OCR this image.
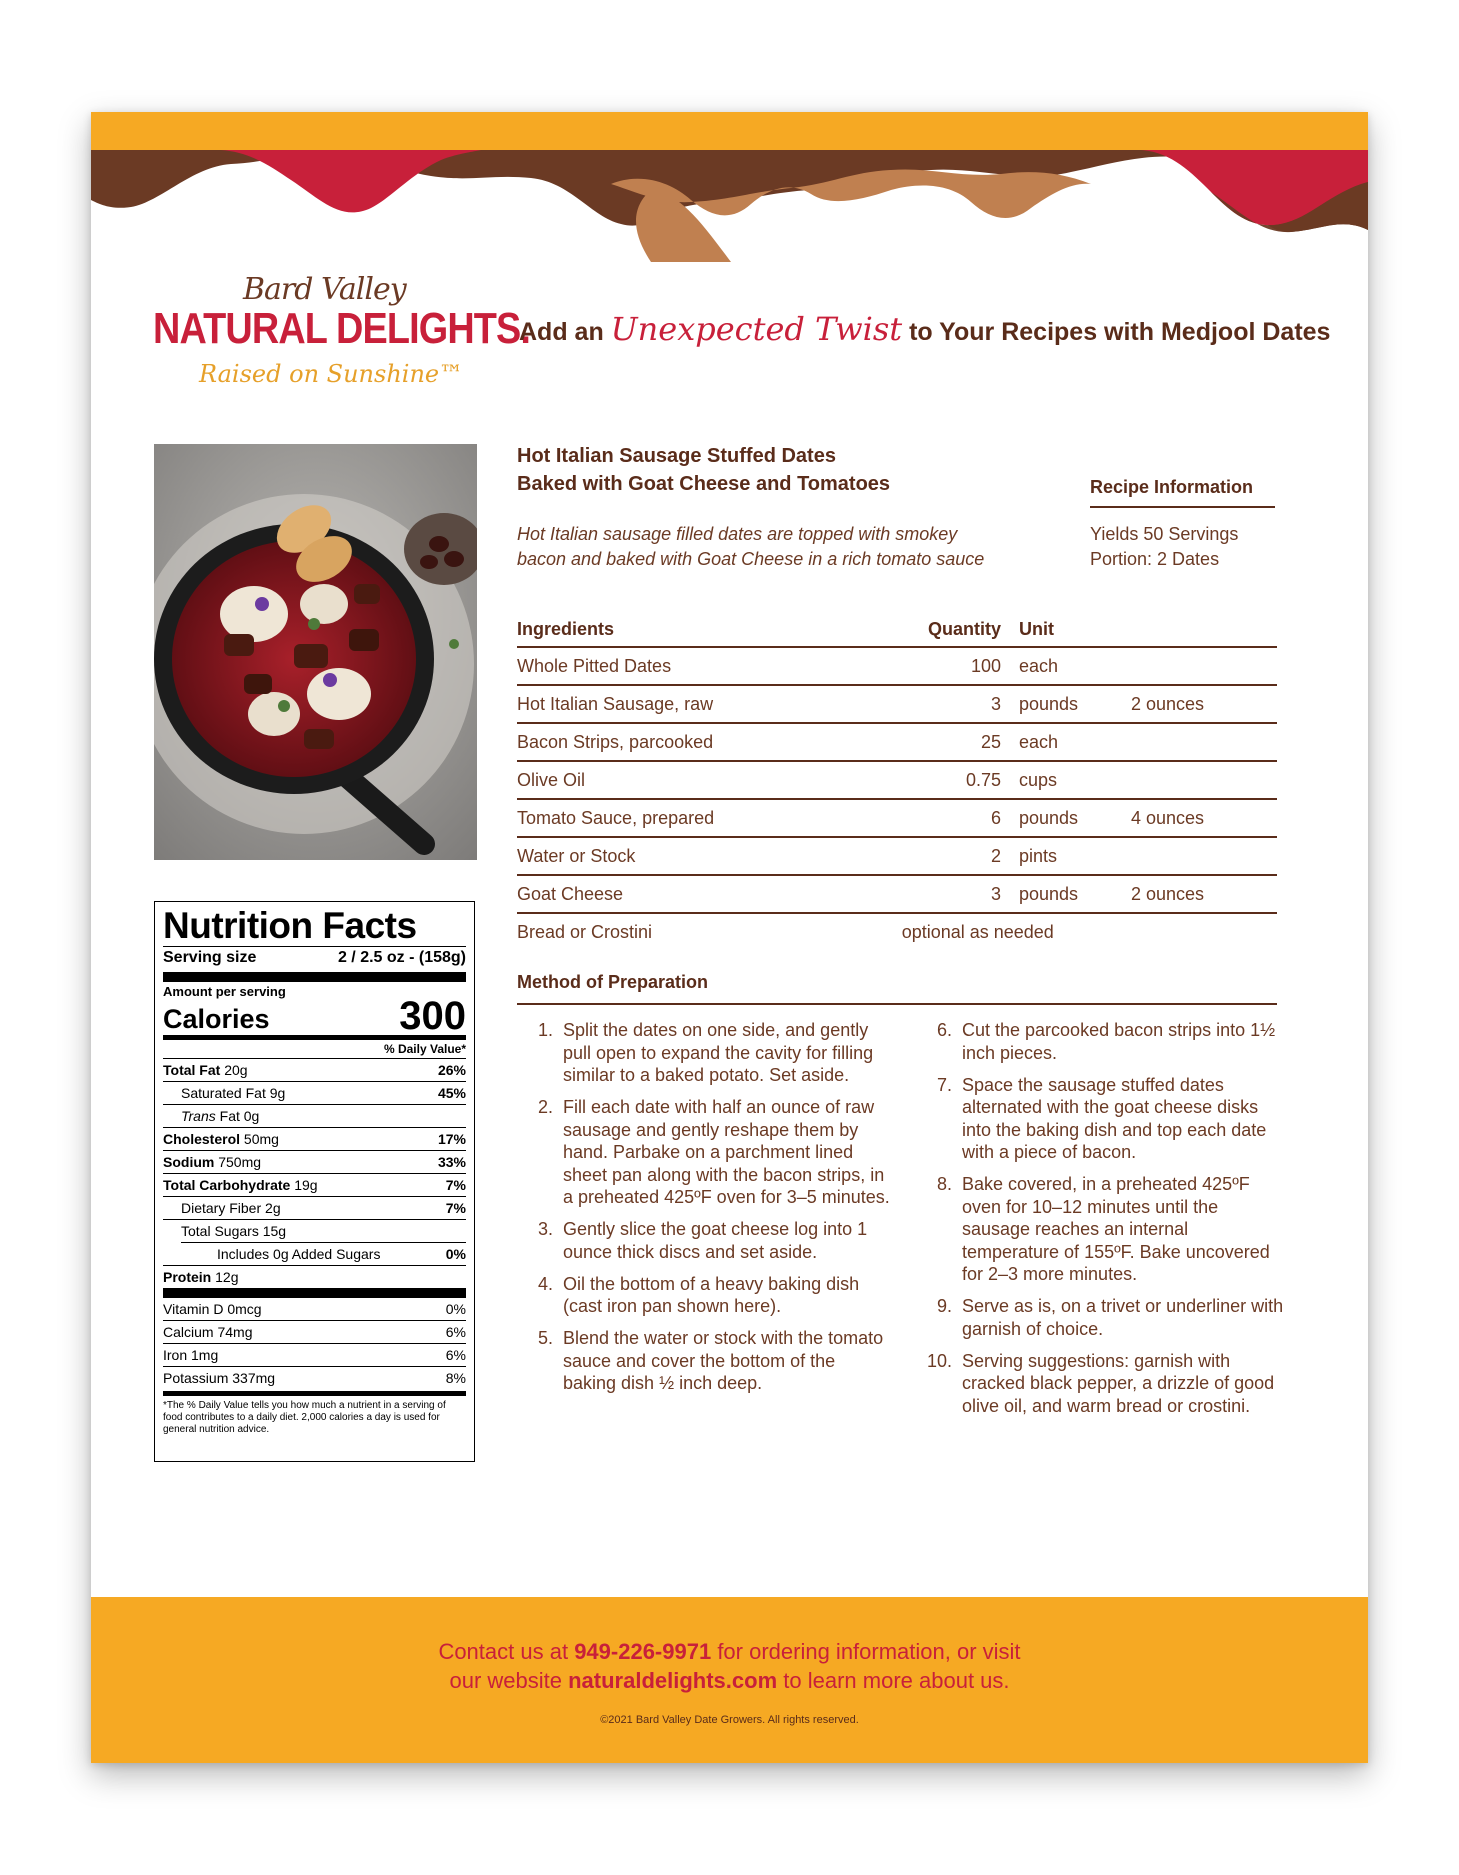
Bard Valley
NATURAL DELIGHTS.
Raised on Sunshine™
Add an Unexpected Twist to Your Recipes with Medjool Dates
Nutrition Facts
Serving size	2 / 2.5 oz - (158g)
Amount per serving
Calories	300
% Daily Value*
Total Fat 20g	26%
Saturated Fat 9g	45%
Trans Fat 0g
Cholesterol 50mg	17%
Sodium 750mg	33%
Total Carbohydrate 19g	7%
Dietary Fiber 2g	7%
Total Sugars 15g
Includes 0g Added Sugars	0%
Protein 12g
Vitamin D 0mcg	0%
Calcium 74mg	6%
Iron 1mg	6%
Potassium 337mg	8%
*The % Daily Value tells you how much a nutrient in a serving of food contributes to a daily diet. 2,000 calories a day is used for general nutrition advice.
Hot Italian Sausage Stuffed Dates
Baked with Goat Cheese and Tomatoes	Recipe Information
Hot Italian sausage filled dates are topped with smokey
bacon and baked with Goat Cheese in a rich tomato sauce
Yields 50 Servings
Portion: 2 Dates
Ingredients	Quantity	Unit
Whole Pitted Dates	100	each
Hot Italian Sausage, raw	3	pounds	2 ounces
Bacon Strips, parcooked	25	each
Olive Oil	0.75	cups
Tomato Sauce, prepared	6	pounds	4 ounces
Water or Stock	2	pints
Goat Cheese	3	pounds	2 ounces
Bread or Crostini	optional as needed
Method of Preparation
1. Split the dates on one side, and gently pull open to expand the cavity for filling similar to a baked potato. Set aside.
2. Fill each date with half an ounce of raw sausage and gently reshape them by hand. Parbake on a parchment lined sheet pan along with the bacon strips, in a preheated 425ºF oven for 3–5 minutes.
3. Gently slice the goat cheese log into 1 ounce thick discs and set aside.
4. Oil the bottom of a heavy baking dish (cast iron pan shown here).
5. Blend the water or stock with the tomato sauce and cover the bottom of the baking dish ½ inch deep.
6. Cut the parcooked bacon strips into 1½ inch pieces.
7. Space the sausage stuffed dates alternated with the goat cheese disks into the baking dish and top each date with a piece of bacon.
8. Bake covered, in a preheated 425ºF oven for 10–12 minutes until the sausage reaches an internal temperature of 155ºF. Bake uncovered for 2–3 more minutes.
9. Serve as is, on a trivet or underliner with garnish of choice.
10. Serving suggestions: garnish with cracked black pepper, a drizzle of good olive oil, and warm bread or crostini.
Contact us at 949-226-9971 for ordering information, or visit
our website naturaldelights.com to learn more about us.
©2021 Bard Valley Date Growers. All rights reserved.
